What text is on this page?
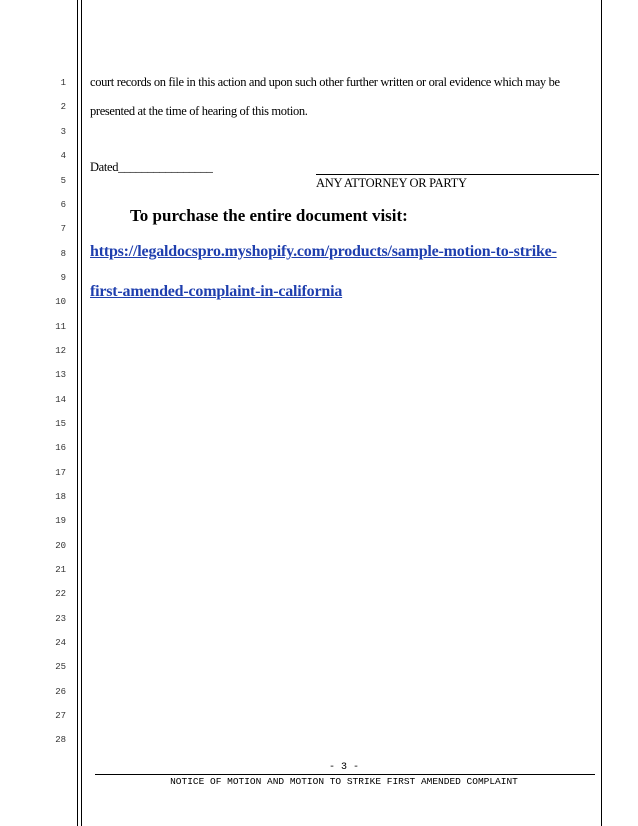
1
2
3
4
5
6
7
8
9
10
11
12
13
14
15
16
17
18
19
20
21
22
23
24
25
26
27
28
court records on file in this action and upon such other further written or oral evidence which may be
presented at the time of hearing of this motion.
Dated________________
ANY ATTORNEY OR PARTY
To purchase the entire document visit:
https://legaldocspro.myshopify.com/products/sample-motion-to-strike-
first-amended-complaint-in-california
- 3 -
NOTICE OF MOTION AND MOTION TO STRIKE FIRST AMENDED COMPLAINT
